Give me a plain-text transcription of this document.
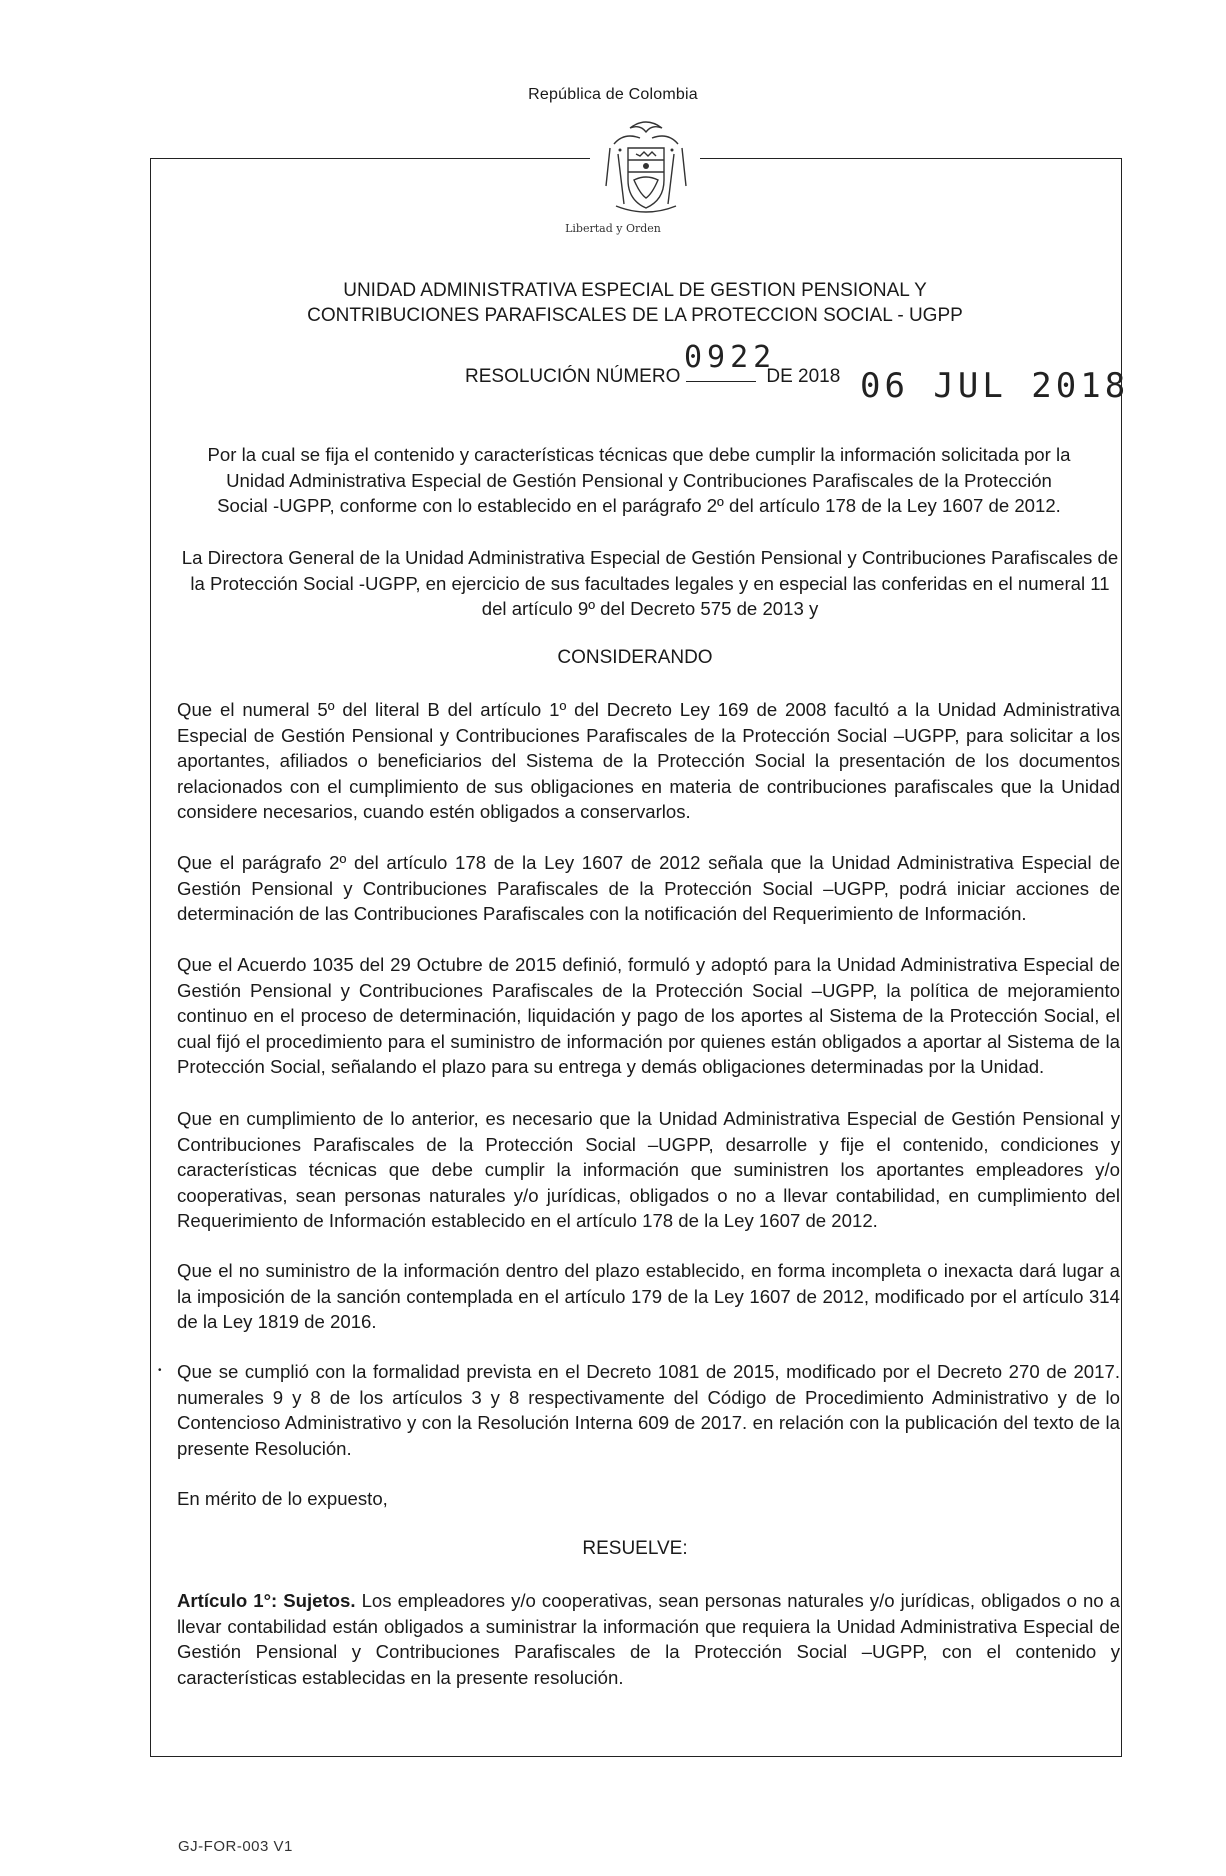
República de Colombia
Libertad y Orden
UNIDAD ADMINISTRATIVA ESPECIAL DE GESTION PENSIONAL Y
CONTRIBUCIONES PARAFISCALES DE LA PROTECCION SOCIAL - UGPP
0922
RESOLUCIÓN NÚMERO	DE 2018 06 JUL 2018
Por la cual se fija el contenido y características técnicas que debe cumplir la información solicitada por la Unidad Administrativa Especial de Gestión Pensional y Contribuciones Parafiscales de la Protección Social -UGPP, conforme con lo establecido en el parágrafo 2º del artículo 178 de la Ley 1607 de 2012.
La Directora General de la Unidad Administrativa Especial de Gestión Pensional y Contribuciones Parafiscales de la Protección Social -UGPP, en ejercicio de sus facultades legales y en especial las conferidas en el numeral 11 del artículo 9º del Decreto 575 de 2013 y
CONSIDERANDO
Que el numeral 5º del literal B del artículo 1º del Decreto Ley 169 de 2008 facultó a la Unidad Administrativa Especial de Gestión Pensional y Contribuciones Parafiscales de la Protección Social –UGPP, para solicitar a los aportantes, afiliados o beneficiarios del Sistema de la Protección Social la presentación de los documentos relacionados con el cumplimiento de sus obligaciones en materia de contribuciones parafiscales que la Unidad considere necesarios, cuando estén obligados a conservarlos.
Que el parágrafo 2º del artículo 178 de la Ley 1607 de 2012 señala que la Unidad Administrativa Especial de Gestión Pensional y Contribuciones Parafiscales de la Protección Social –UGPP, podrá iniciar acciones de determinación de las Contribuciones Parafiscales con la notificación del Requerimiento de Información.
Que el Acuerdo 1035 del 29 Octubre de 2015 definió, formuló y adoptó para la Unidad Administrativa Especial de Gestión Pensional y Contribuciones Parafiscales de la Protección Social –UGPP, la política de mejoramiento continuo en el proceso de determinación, liquidación y pago de los aportes al Sistema de la Protección Social, el cual fijó el procedimiento para el suministro de información por quienes están obligados a aportar al Sistema de la Protección Social, señalando el plazo para su entrega y demás obligaciones determinadas por la Unidad.
Que en cumplimiento de lo anterior, es necesario que la Unidad Administrativa Especial de Gestión Pensional y Contribuciones Parafiscales de la Protección Social –UGPP, desarrolle y fije el contenido, condiciones y características técnicas que debe cumplir la información que suministren los aportantes empleadores y/o cooperativas, sean personas naturales y/o jurídicas, obligados o no a llevar contabilidad, en cumplimiento del Requerimiento de Información establecido en el artículo 178 de la Ley 1607 de 2012.
Que el no suministro de la información dentro del plazo establecido, en forma incompleta o inexacta dará lugar a la imposición de la sanción contemplada en el artículo 179 de la Ley 1607 de 2012, modificado por el artículo 314 de la Ley 1819 de 2016.
• Que se cumplió con la formalidad prevista en el Decreto 1081 de 2015, modificado por el Decreto 270 de 2017. numerales 9 y 8 de los artículos 3 y 8 respectivamente del Código de Procedimiento Administrativo y de lo Contencioso Administrativo y con la Resolución Interna 609 de 2017. en relación con la publicación del texto de la presente Resolución.
En mérito de lo expuesto,
RESUELVE:
Artículo 1°: Sujetos. Los empleadores y/o cooperativas, sean personas naturales y/o jurídicas, obligados o no a llevar contabilidad están obligados a suministrar la información que requiera la Unidad Administrativa Especial de Gestión Pensional y Contribuciones Parafiscales de la Protección Social –UGPP, con el contenido y características establecidas en la presente resolución.
GJ-FOR-003 V1
